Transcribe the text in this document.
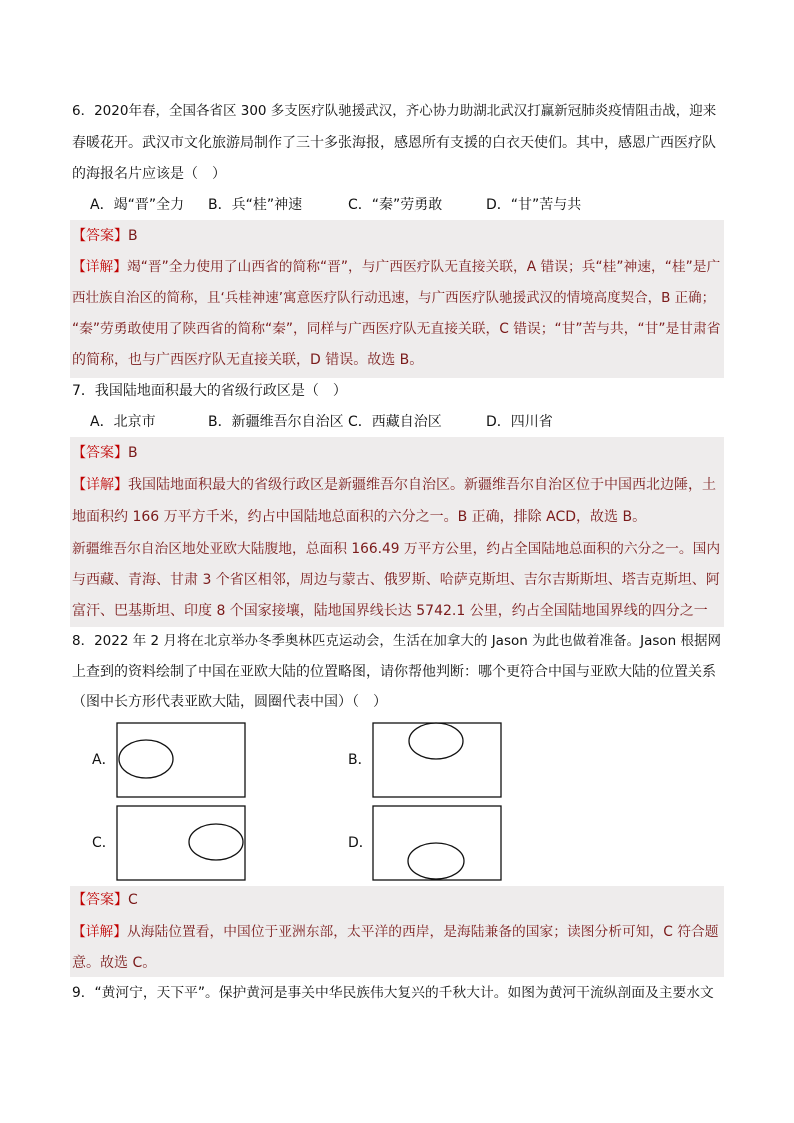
6．2020年春，全国各省区 300 多支医疗队驰援武汉，齐心协力助湖北武汉打赢新冠肺炎疫情阻击战，迎来
春暖花开。武汉市文化旅游局制作了三十多张海报，感恩所有支援的白衣天使们。其中，感恩广西医疗队
的海报名片应该是（　）
A．竭“晋”全力 B．兵“桂”神速	C．“秦”劳勇敢	D．“甘”苦与共
【答案】B
【详解】竭“晋”全力使用了山西省的简称“晋”，与广西医疗队无直接关联，A 错误；兵“桂”神速，“桂”是广
西壮族自治区的简称，且‘兵桂神速’寓意医疗队行动迅速，与广西医疗队驰援武汉的情境高度契合，B 正确；
“秦”劳勇敢使用了陕西省的简称“秦”，同样与广西医疗队无直接关联，C 错误；“甘”苦与共，“甘”是甘肃省
的简称，也与广西医疗队无直接关联，D 错误。故选 B。
7．我国陆地面积最大的省级行政区是（　）
A．北京市	B．新疆维吾尔自治区 C．西藏自治区	D．四川省
【答案】B
【详解】我国陆地面积最大的省级行政区是新疆维吾尔自治区。新疆维吾尔自治区位于中国西北边陲，土
地面积约 166 万平方千米，约占中国陆地总面积的六分之一。B 正确，排除 ACD，故选 B。
新疆维吾尔自治区地处亚欧大陆腹地，总面积 166.49 万平方公里，约占全国陆地总面积的六分之一。国内
与西藏、青海、甘肃 3 个省区相邻，周边与蒙古、俄罗斯、哈萨克斯坦、吉尔吉斯斯坦、塔吉克斯坦、阿
富汗、巴基斯坦、印度 8 个国家接壤，陆地国界线长达 5742.1 公里，约占全国陆地国界线的四分之一
8．2022 年 2 月将在北京举办冬季奥林匹克运动会，生活在加拿大的 Jason 为此也做着准备。Jason 根据网
上查到的资料绘制了中国在亚欧大陆的位置略图，请你帮他判断：哪个更符合中国与亚欧大陆的位置关系
（图中长方形代表亚欧大陆，圆圈代表中国）（　）
A．	B．
C．	D．
【答案】C
【详解】从海陆位置看，中国位于亚洲东部，太平洋的西岸，是海陆兼备的国家；读图分析可知，C 符合题
意。故选 C。
9．“黄河宁，天下平”。保护黄河是事关中华民族伟大复兴的千秋大计。如图为黄河干流纵剖面及主要水文
